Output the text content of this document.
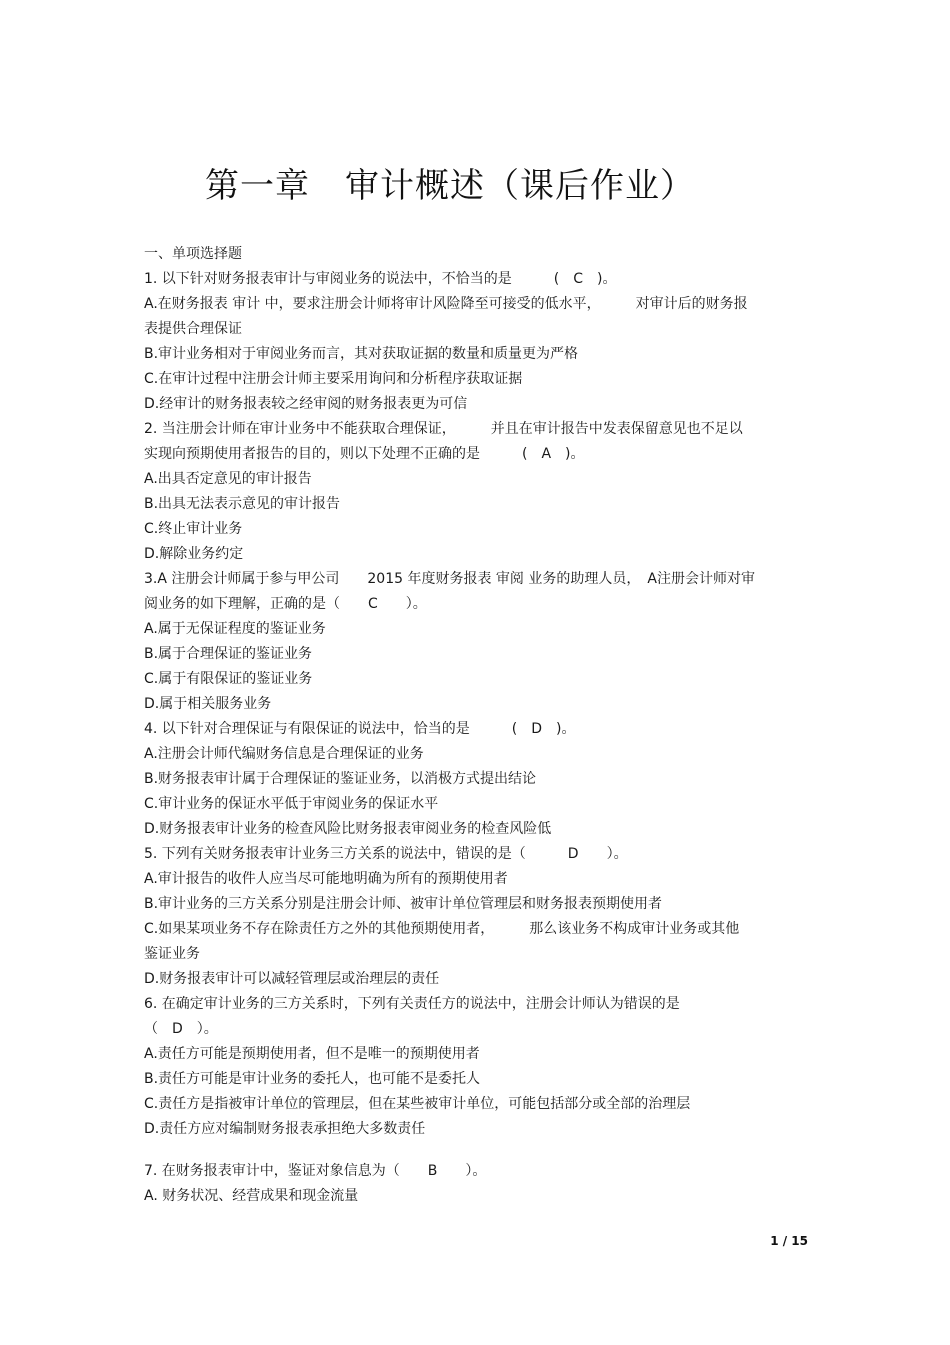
第一章　审计概述（课后作业）
一、单项选择题
1. 以下针对财务报表审计与审阅业务的说法中，不恰当的是　　　(　C　)。
A.在财务报表 审计 中，要求注册会计师将审计风险降至可接受的低水平，　　　对审计后的财务报
表提供合理保证
B.审计业务相对于审阅业务而言，其对获取证据的数量和质量更为严格
C.在审计过程中注册会计师主要采用询问和分析程序获取证据
D.经审计的财务报表较之经审阅的财务报表更为可信
2. 当注册会计师在审计业务中不能获取合理保证，　　　并且在审计报告中发表保留意见也不足以
实现向预期使用者报告的目的，则以下处理不正确的是　　　(　A　)。
A.出具否定意见的审计报告
B.出具无法表示意见的审计报告
C.终止审计业务
D.解除业务约定
3.A 注册会计师属于参与甲公司　　2015 年度财务报表 审阅 业务的助理人员，　A注册会计师对审
阅业务的如下理解，正确的是（　　C　　）。
A.属于无保证程度的鉴证业务
B.属于合理保证的鉴证业务
C.属于有限保证的鉴证业务
D.属于相关服务业务
4. 以下针对合理保证与有限保证的说法中，恰当的是　　　(　D　)。
A.注册会计师代编财务信息是合理保证的业务
B.财务报表审计属于合理保证的鉴证业务，以消极方式提出结论
C.审计业务的保证水平低于审阅业务的保证水平
D.财务报表审计业务的检查风险比财务报表审阅业务的检查风险低
5. 下列有关财务报表审计业务三方关系的说法中，错误的是（　　　D　　）。
A.审计报告的收件人应当尽可能地明确为所有的预期使用者
B.审计业务的三方关系分别是注册会计师、被审计单位管理层和财务报表预期使用者
C.如果某项业务不存在除责任方之外的其他预期使用者，　　　那么该业务不构成审计业务或其他
鉴证业务
D.财务报表审计可以减轻管理层或治理层的责任
6. 在确定审计业务的三方关系时，下列有关责任方的说法中，注册会计师认为错误的是
（　D　）。
A.责任方可能是预期使用者，但不是唯一的预期使用者
B.责任方可能是审计业务的委托人，也可能不是委托人
C.责任方是指被审计单位的管理层，但在某些被审计单位，可能包括部分或全部的治理层
D.责任方应对编制财务报表承担绝大多数责任
7. 在财务报表审计中，鉴证对象信息为（　　B　　）。
A. 财务状况、经营成果和现金流量
1 / 15
